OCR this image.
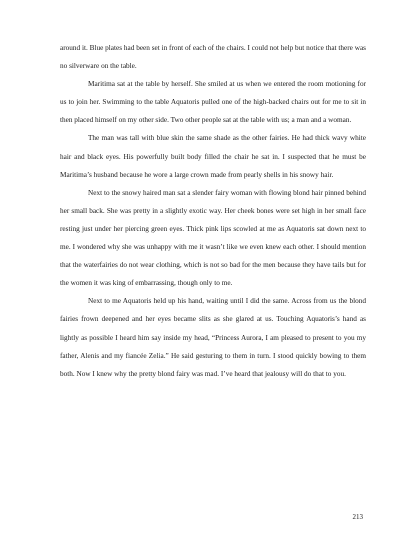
around it. Blue plates had been set in front of each of the chairs. I could not help but notice that there was no silverware on the table.

Maritima sat at the table by herself. She smiled at us when we entered the room motioning for us to join her. Swimming to the table Aquatoris pulled one of the high-backed chairs out for me to sit in then placed himself on my other side. Two other people sat at the table with us; a man and a woman.

The man was tall with blue skin the same shade as the other fairies. He had thick wavy white hair and black eyes. His powerfully built body filled the chair he sat in. I suspected that he must be Maritima’s husband because he wore a large crown made from pearly shells in his snowy hair.

Next to the snowy haired man sat a slender fairy woman with flowing blond hair pinned behind her small back. She was pretty in a slightly exotic way. Her cheek bones were set high in her small face resting just under her piercing green eyes. Thick pink lips scowled at me as Aquatoris sat down next to me. I wondered why she was unhappy with me it wasn’t like we even knew each other. I should mention that the waterfairies do not wear clothing, which is not so bad for the men because they have tails but for the women it was king of embarrassing, though only to me.

Next to me Aquatoris held up his hand, waiting until I did the same. Across from us the blond fairies frown deepened and her eyes became slits as she glared at us. Touching Aquatoris’s hand as lightly as possible I heard him say inside my head, “Princess Aurora, I am pleased to present to you my father, Alenis and my fiancée Zelia.” He said gesturing to them in turn. I stood quickly bowing to them both. Now I knew why the pretty blond fairy was mad. I’ve heard that jealousy will do that to you.

213
